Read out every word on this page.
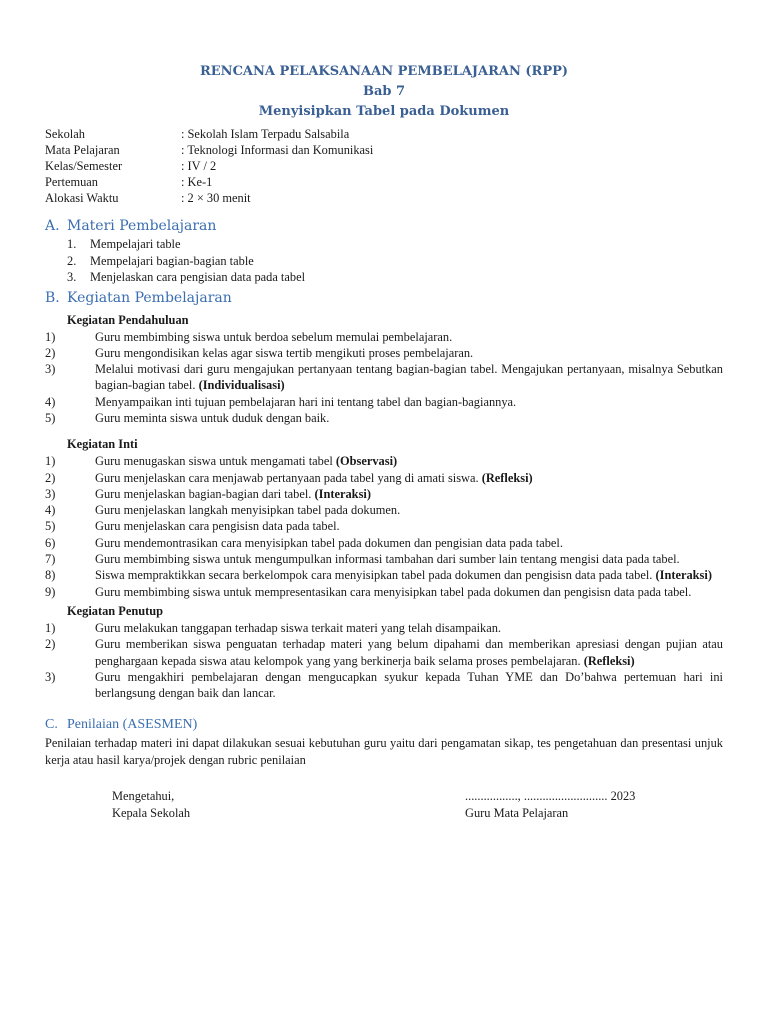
RENCANA PELAKSANAAN PEMBELAJARAN (RPP)
Bab 7
Menyisipkan Tabel pada Dokumen
Sekolah	: Sekolah Islam Terpadu Salsabila
Mata Pelajaran	: Teknologi Informasi dan Komunikasi
Kelas/Semester	: IV / 2
Pertemuan	: Ke-1
Alokasi Waktu	: 2 × 30 menit
A. Materi Pembelajaran
1.	Mempelajari table
2.	Mempelajari bagian-bagian table
3.	Menjelaskan cara pengisian data pada tabel
B. Kegiatan Pembelajaran
Kegiatan Pendahuluan
1)	Guru membimbing siswa untuk berdoa sebelum memulai pembelajaran.
2)	Guru mengondisikan kelas agar siswa tertib mengikuti proses pembelajaran.
3)	Melalui motivasi dari guru mengajukan pertanyaan tentang bagian-bagian tabel. Mengajukan pertanyaan, misalnya Sebutkan bagian-bagian tabel. (Individualisasi)
4)	Menyampaikan inti tujuan pembelajaran hari ini tentang tabel dan bagian-bagiannya.
5)	Guru meminta siswa untuk duduk dengan baik.
Kegiatan Inti
1)	Guru menugaskan siswa untuk mengamati tabel (Observasi)
2)	Guru menjelaskan cara menjawab pertanyaan pada tabel yang di amati siswa. (Refleksi)
3)	Guru menjelaskan bagian-bagian dari tabel. (Interaksi)
4)	Guru menjelaskan langkah menyisipkan tabel pada dokumen.
5)	Guru menjelaskan cara pengisisn data pada tabel.
6)	Guru mendemontrasikan cara menyisipkan tabel pada dokumen dan pengisian data pada tabel.
7)	Guru membimbing siswa untuk mengumpulkan informasi tambahan dari sumber lain tentang mengisi data pada tabel.
8)	Siswa mempraktikkan secara berkelompok cara menyisipkan tabel pada dokumen dan pengisisn data pada tabel. (Interaksi)
9)	Guru membimbing siswa untuk mempresentasikan cara menyisipkan tabel pada dokumen dan pengisisn data pada tabel.
Kegiatan Penutup
1)	Guru melakukan tanggapan terhadap siswa terkait materi yang telah disampaikan.
2)	Guru memberikan siswa penguatan terhadap materi yang belum dipahami dan memberikan apresiasi dengan pujian atau penghargaan kepada siswa atau kelompok yang yang berkinerja baik selama proses pembelajaran. (Refleksi)
3)	Guru mengakhiri pembelajaran dengan mengucapkan syukur kepada Tuhan YME dan Do’bahwa pertemuan hari ini berlangsung dengan baik dan lancar.
C. Penilaian (ASESMEN)
Penilaian terhadap materi ini dapat dilakukan sesuai kebutuhan guru yaitu dari pengamatan sikap, tes pengetahuan dan presentasi unjuk kerja atau hasil karya/projek dengan rubric penilaian
Mengetahui,
Kepala Sekolah
................., ........................... 2023
Guru Mata Pelajaran
